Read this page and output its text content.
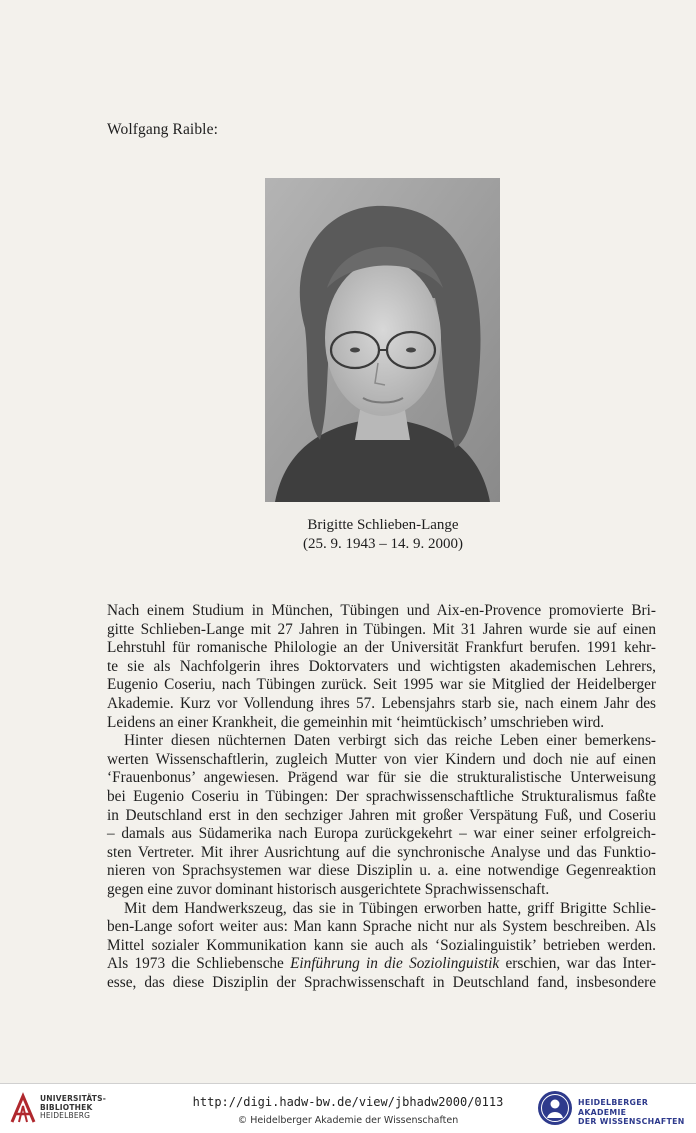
Wolfgang Raible:
Brigitte Schlieben-Lange
(25. 9. 1943 – 14. 9. 2000)

Nach einem Studium in München, Tübingen und Aix-en-Provence promovierte Bri-

gitte Schlieben-Lange mit 27 Jahren in Tübingen. Mit 31 Jahren wurde sie auf einen

Lehrstuhl für romanische Philologie an der Universität Frankfurt berufen. 1991 kehr-

te sie als Nachfolgerin ihres Doktorvaters und wichtigsten akademischen Lehrers,

Eugenio Coseriu, nach Tübingen zurück. Seit 1995 war sie Mitglied der Heidelberger

Akademie. Kurz vor Vollendung ihres 57. Lebensjahrs starb sie, nach einem Jahr des

Leidens an einer Krankheit, die gemeinhin mit ‘heimtückisch’ umschrieben wird.

Hinter diesen nüchternen Daten verbirgt sich das reiche Leben einer bemerkens-

werten Wissenschaftlerin, zugleich Mutter von vier Kindern und doch nie auf einen

‘Frauenbonus’ angewiesen. Prägend war für sie die strukturalistische Unterweisung

bei Eugenio Coseriu in Tübingen: Der sprachwissenschaftliche Strukturalismus faßte

in Deutschland erst in den sechziger Jahren mit großer Verspätung Fuß, und Coseriu

– damals aus Südamerika nach Europa zurückgekehrt – war einer seiner erfolgreich-

sten Vertreter. Mit ihrer Ausrichtung auf die synchronische Analyse und das Funktio-

nieren von Sprachsystemen war diese Disziplin u. a. eine notwendige Gegenreaktion

gegen eine zuvor dominant historisch ausgerichtete Sprachwissenschaft.

Mit dem Handwerkszeug, das sie in Tübingen erworben hatte, griff Brigitte Schlie-

ben-Lange sofort weiter aus: Man kann Sprache nicht nur als System beschreiben. Als

Mittel sozialer Kommunikation kann sie auch als ‘Sozialinguistik’ betrieben werden.

Als 1973 die Schliebensche Einführung in die Soziolinguistik erschien, war das Inter-

esse, das diese Disziplin der Sprachwissenschaft in Deutschland fand, insbesondere

UNIVERSITÄTS-
BIBLIOTHEK
HEIDELBERG
http://digi.hadw-bw.de/view/jbhadw2000/0113
© Heidelberger Akademie der Wissenschaften
HEIDELBERGER AKADEMIE
DER WISSENSCHAFTEN
